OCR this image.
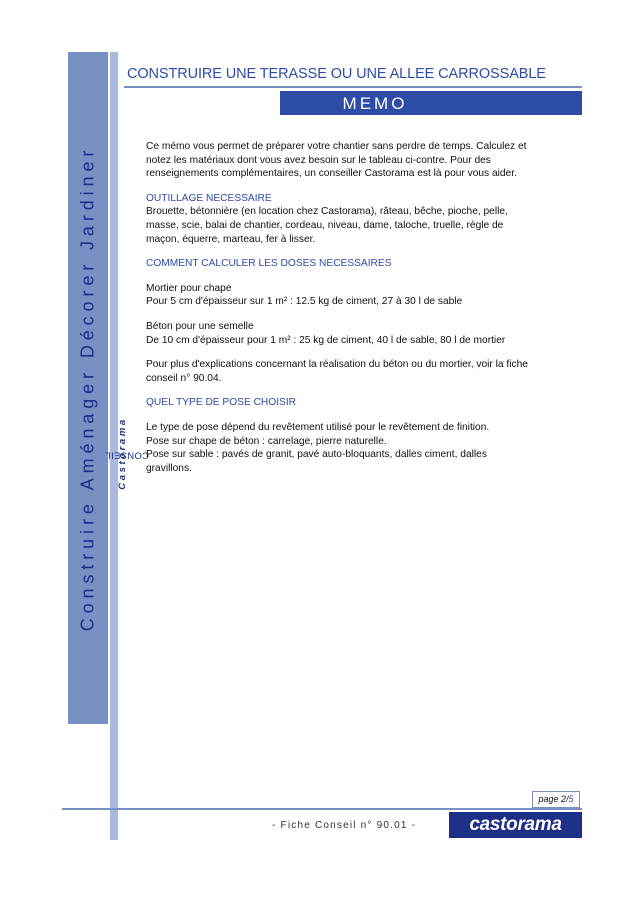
Construire Aménager Décorer Jardiner CONSEIL
Castorama
CONSTRUIRE UNE TERASSE OU UNE ALLEE CARROSSABLE
MEMO

Ce mémo vous permet de préparer votre chantier sans perdre de temps. Calculez et
notez les matériaux dont vous avez besoin sur le tableau ci-contre. Pour des
renseignements complémentaires, un conseiller Castorama est là pour vous aider.

OUTILLAGE NECESSAIRE

Brouette, bétonnière (en location chez Castorama), râteau, bêche, pioche, pelle,
masse, scie, balai de chantier, cordeau, niveau, dame, taloche, truelle, règle de
maçon, équerre, marteau, fer à lisser.

COMMENT CALCULER LES DOSES NECESSAIRES

Mortier pour chape
Pour 5 cm d'épaisseur sur 1 m² : 12.5 kg de ciment, 27 à 30 l de sable

Béton pour une semelle
De 10 cm d'épaisseur pour 1 m² : 25 kg de ciment, 40 l de sable, 80 l de mortier

Pour plus d'explications concernant la réalisation du béton ou du mortier, voir la fiche
conseil n° 90.04.

QUEL TYPE DE POSE CHOISIR

Le type de pose dépend du revêtement utilisé pour le revêtement de finition.
Pose sur chape de béton : carrelage, pierre naturelle.
Pose sur sable : pavés de granit, pavé auto-bloquants, dalles ciment, dalles
gravillons.

page 2/5
- Fiche Conseil n° 90.01 -	castorama
